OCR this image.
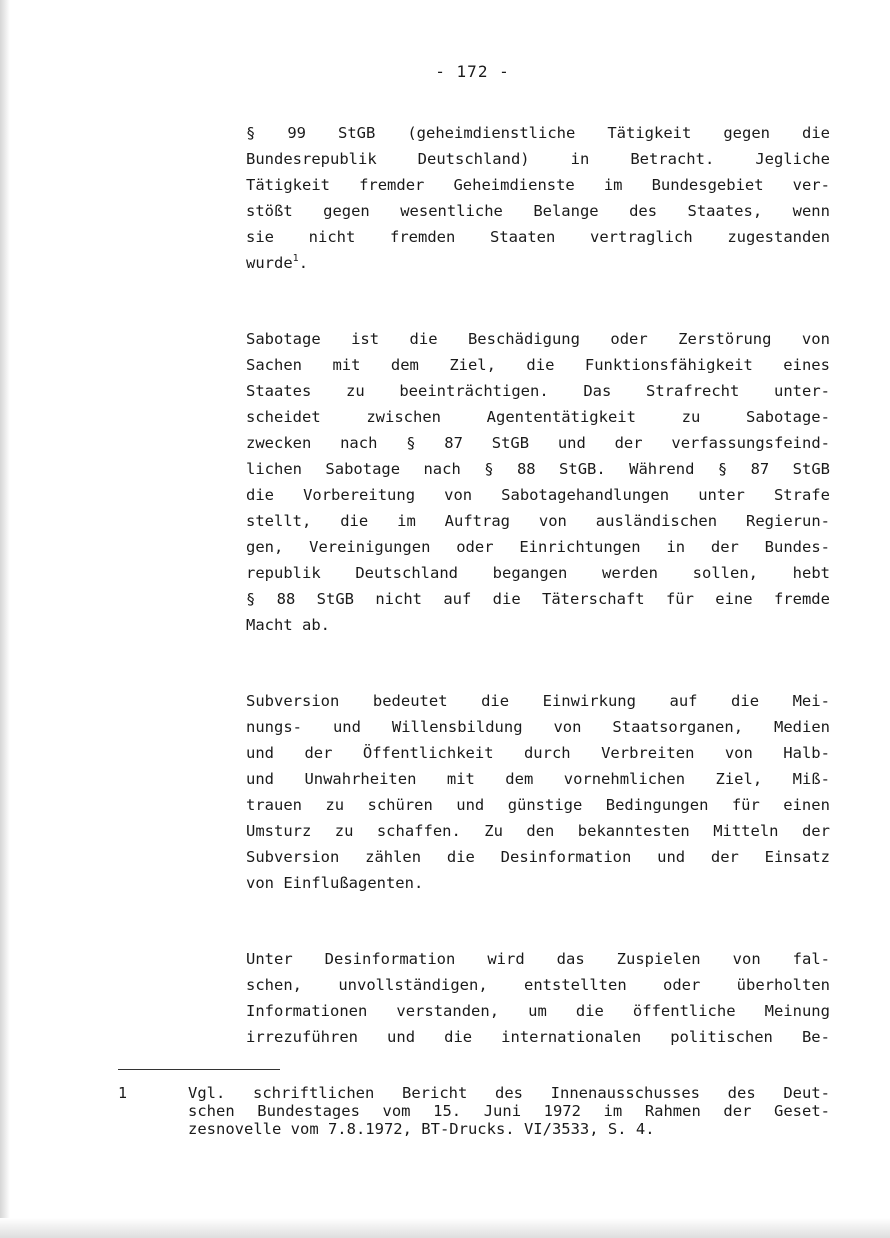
- 172 -
§ 99 StGB (geheimdienstliche Tätigkeit gegen die
Bundesrepublik	Deutschland)	in	Betracht.	Jegliche
Tätigkeit fremder Geheimdienste im Bundesgebiet ver-
stößt gegen wesentliche Belange des Staates, wenn
sie nicht fremden Staaten vertraglich zugestanden
wurde$^1$ .
Sabotage ist die Beschädigung oder Zerstörung von
Sachen mit dem Ziel, die Funktionsfähigkeit eines
Staates zu beeinträchtigen. Das Strafrecht unter-
scheidet	zwischen	Agententätigkeit	zu	Sabotage-
zwecken nach § 87 StGB und der verfassungsfeind-
lichen Sabotage nach § 88 StGB. Während § 87 StGB
die Vorbereitung von Sabotagehandlungen unter Strafe
stellt, die im Auftrag von ausländischen Regierun-
gen, Vereinigungen oder Einrichtungen in der Bundes-
republik Deutschland begangen werden sollen, hebt
§ 88 StGB nicht auf die Täterschaft für eine fremde
Macht ab.
Subversion bedeutet die Einwirkung auf die Mei-
nungs- und Willensbildung von Staatsorganen, Medien
und der Öffentlichkeit durch Verbreiten von Halb-
und Unwahrheiten mit dem vornehmlichen Ziel, Miß-
trauen zu schüren und günstige Bedingungen für einen
Umsturz zu schaffen. Zu den bekanntesten Mitteln der
Subversion zählen die Desinformation und der Einsatz
von Einflußagenten.
Unter Desinformation wird das Zuspielen von fal-
schen, unvollständigen, entstellten oder überholten
Informationen verstanden, um die öffentliche Meinung
irrezuführen und die internationalen politischen Be-
1	Vgl. schriftlichen Bericht des Innenausschusses des Deut-
schen Bundestages vom 15. Juni 1972 im Rahmen der Geset-
zesnovelle vom 7.8.1972, BT-Drucks. VI/3533, S. 4.
